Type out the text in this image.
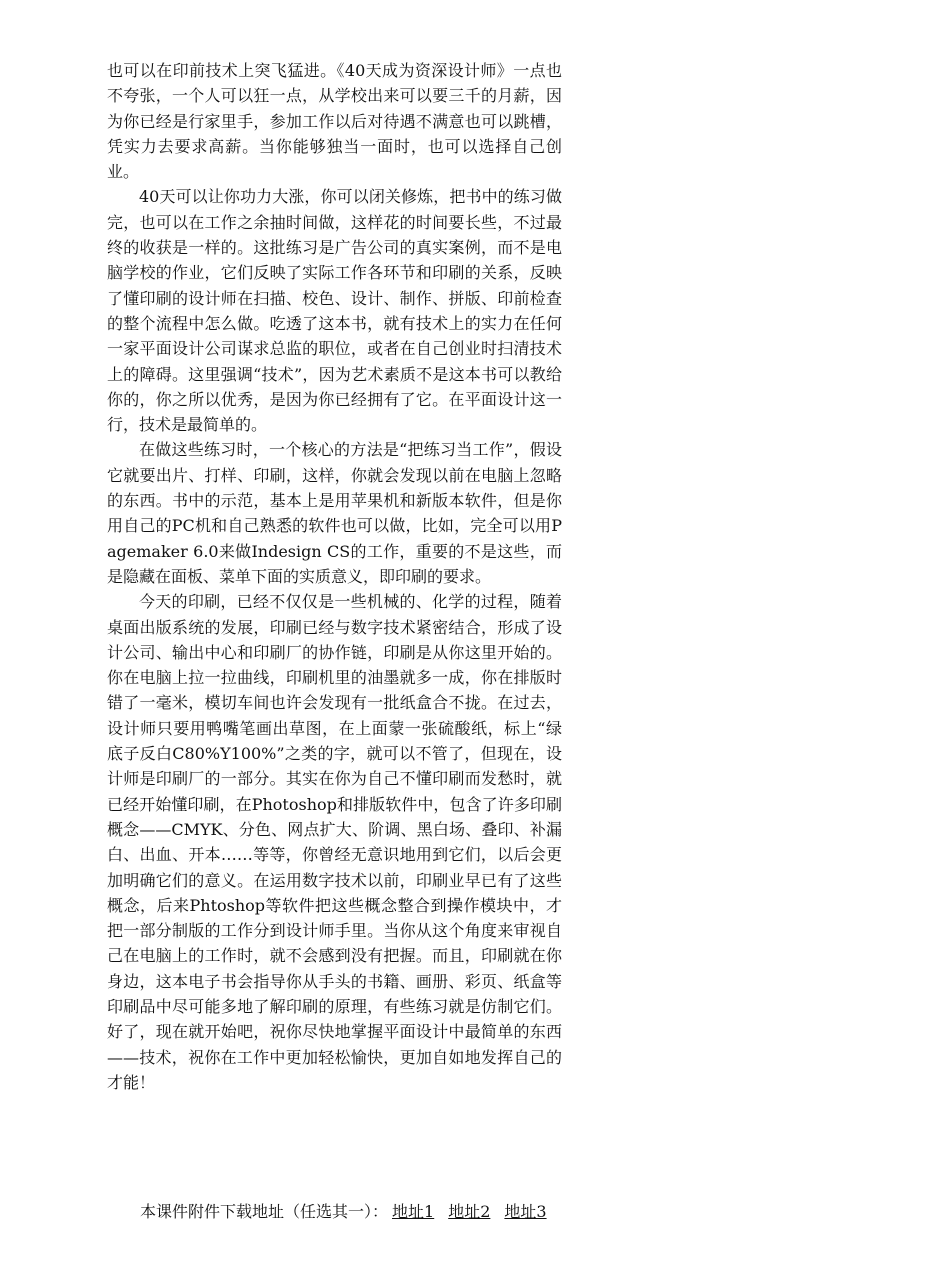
也可以在印前技术上突飞猛进。《40天成为资深设计师》一点也不夸张，一个人可以狂一点，从学校出来可以要三千的月薪，因为你已经是行家里手，参加工作以后对待遇不满意也可以跳槽，凭实力去要求高薪。当你能够独当一面时，也可以选择自己创业。

40天可以让你功力大涨，你可以闭关修炼，把书中的练习做完，也可以在工作之余抽时间做，这样花的时间要长些，不过最终的收获是一样的。这批练习是广告公司的真实案例，而不是电脑学校的作业，它们反映了实际工作各环节和印刷的关系，反映了懂印刷的设计师在扫描、校色、设计、制作、拼版、印前检查的整个流程中怎么做。吃透了这本书，就有技术上的实力在任何一家平面设计公司谋求总监的职位，或者在自己创业时扫清技术上的障碍。这里强调“技术”，因为艺术素质不是这本书可以教给你的，你之所以优秀，是因为你已经拥有了它。在平面设计这一行，技术是最简单的。

在做这些练习时，一个核心的方法是“把练习当工作”，假设它就要出片、打样、印刷，这样，你就会发现以前在电脑上忽略的东西。书中的示范，基本上是用苹果机和新版本软件，但是你用自己的PC机和自己熟悉的软件也可以做，比如，完全可以用Pagemaker 6.0来做Indesign CS的工作，重要的不是这些，而是隐藏在面板、菜单下面的实质意义，即印刷的要求。

今天的印刷，已经不仅仅是一些机械的、化学的过程，随着桌面出版系统的发展，印刷已经与数字技术紧密结合，形成了设计公司、输出中心和印刷厂的协作链，印刷是从你这里开始的。你在电脑上拉一拉曲线，印刷机里的油墨就多一成，你在排版时错了一毫米，模切车间也许会发现有一批纸盒合不拢。在过去，设计师只要用鸭嘴笔画出草图，在上面蒙一张硫酸纸，标上“绿底子反白C80%Y100%”之类的字，就可以不管了，但现在，设计师是印刷厂的一部分。其实在你为自己不懂印刷而发愁时，就已经开始懂印刷，在Photoshop和排版软件中，包含了许多印刷概念——CMYK、分色、网点扩大、阶调、黑白场、叠印、补漏白、出血、开本……等等，你曾经无意识地用到它们，以后会更加明确它们的意义。在运用数字技术以前，印刷业早已有了这些概念，后来Phtoshop等软件把这些概念整合到操作模块中，才把一部分制版的工作分到设计师手里。当你从这个角度来审视自己在电脑上的工作时，就不会感到没有把握。而且，印刷就在你身边，这本电子书会指导你从手头的书籍、画册、彩页、纸盒等印刷品中尽可能多地了解印刷的原理，有些练习就是仿制它们。好了，现在就开始吧，祝你尽快地掌握平面设计中最简单的东西——技术，祝你在工作中更加轻松愉快，更加自如地发挥自己的才能！

本课件附件下载地址（任选其一）： 地址1 地址2 地址3
